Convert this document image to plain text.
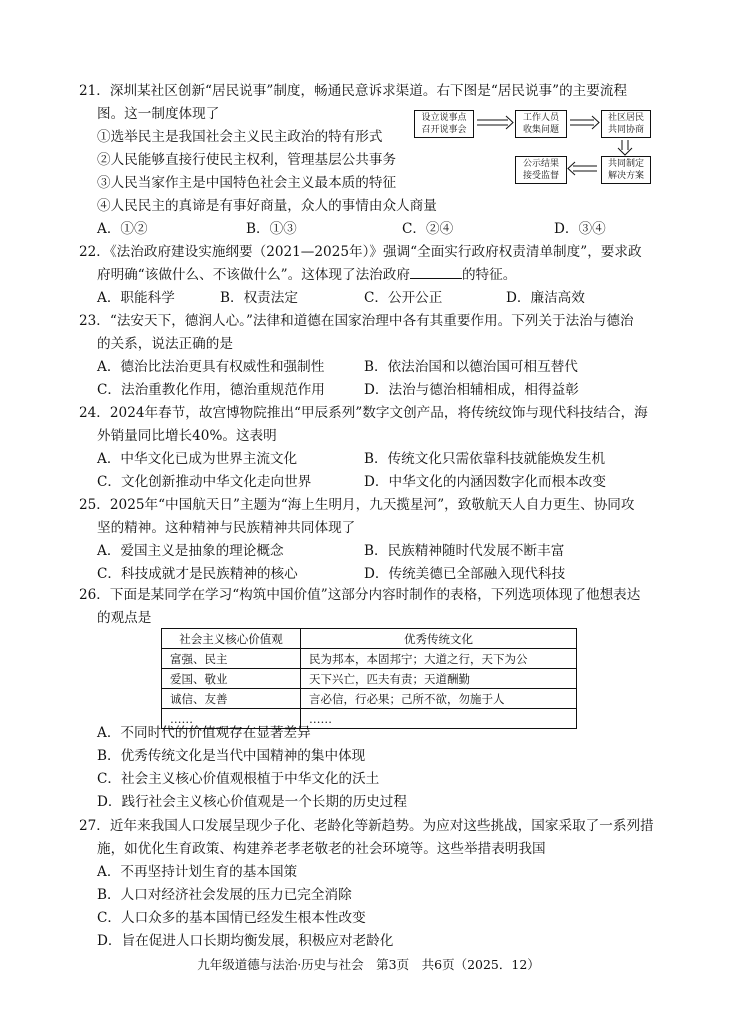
21．深圳某社区创新“居民说事”制度，畅通民意诉求渠道。右下图是“居民说事”的主要流程
图。这一制度体现了
①选举民主是我国社会主义民主政治的特有形式
②人民能够直接行使民主权利，管理基层公共事务
③人民当家作主是中国特色社会主义最本质的特征
④人民民主的真谛是有事好商量，众人的事情由众人商量
A．①②	B．①③	C．②④	D．③④
设立说事点
召开说事会
工作人员
收集问题
社区居民
共同协商
共同制定
解决方案
公示结果
接受监督
22．《法治政府建设实施纲要（2021—2025年）》强调“全面实行政府权责清单制度”，要求政
府明确“该做什么、不该做什么”。这体现了法治政府	的特征。
A．职能科学	B．权责法定	C．公开公正	D．廉洁高效
23．“法安天下，德润人心。”法律和道德在国家治理中各有其重要作用。下列关于法治与德治
的关系，说法正确的是
A．德治比法治更具有权威性和强制性	B．依法治国和以德治国可相互替代
C．法治重教化作用，德治重规范作用	D．法治与德治相辅相成，相得益彰
24．2024年春节，故宫博物院推出“甲辰系列”数字文创产品，将传统纹饰与现代科技结合，海
外销量同比增长40%。这表明
A．中华文化已成为世界主流文化	B．传统文化只需依靠科技就能焕发生机
C．文化创新推动中华文化走向世界	D．中华文化的内涵因数字化而根本改变
25．2025年“中国航天日”主题为“海上生明月，九天揽星河”，致敬航天人自力更生、协同攻
坚的精神。这种精神与民族精神共同体现了
A．爱国主义是抽象的理论概念	B．民族精神随时代发展不断丰富
C．科技成就才是民族精神的核心	D．传统美德已全部融入现代科技
26．下面是某同学在学习“构筑中国价值”这部分内容时制作的表格，下列选项体现了他想表达
的观点是
社会主义核心价值观	优秀传统文化
富强、民主	民为邦本，本固邦宁；大道之行，天下为公
爱国、敬业	天下兴亡，匹夫有责；天道酬勤
诚信、友善	言必信，行必果；己所不欲，勿施于人
……	……
A．不同时代的价值观存在显著差异
B．优秀传统文化是当代中国精神的集中体现
C．社会主义核心价值观根植于中华文化的沃土
D．践行社会主义核心价值观是一个长期的历史过程
27．近年来我国人口发展呈现少子化、老龄化等新趋势。为应对这些挑战，国家采取了一系列措
施，如优化生育政策、构建养老孝老敬老的社会环境等。这些举措表明我国
A．不再坚持计划生育的基本国策
B．人口对经济社会发展的压力已完全消除
C．人口众多的基本国情已经发生根本性改变
D．旨在促进人口长期均衡发展，积极应对老龄化
九年级道德与法治·历史与社会　第3页　共6页（2025．12）
